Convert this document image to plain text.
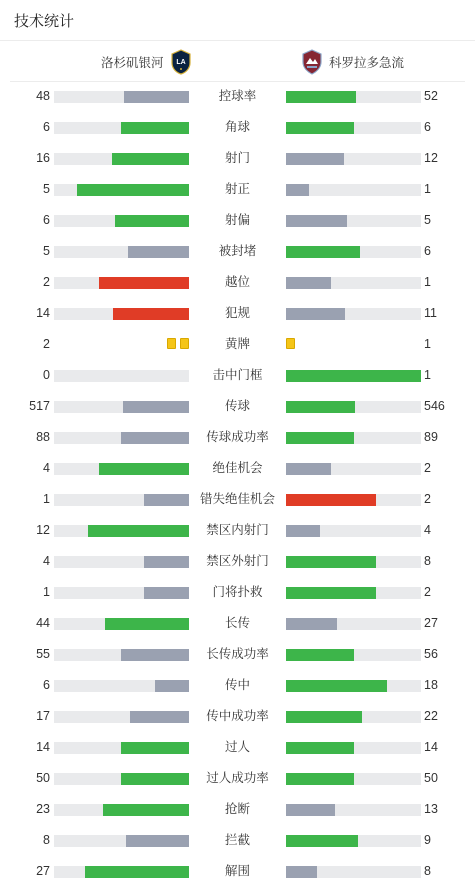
技术统计
洛杉矶银河 LA	科罗拉多急流
48	控球率	52
6	角球	6
16	射门	12
5	射正	1
6	射偏	5
5	被封堵	6
2	越位	1
14	犯规	11
2	黄牌	1
0	击中门框	1
517	传球	546
88	传球成功率	89
4	绝佳机会	2
1	错失绝佳机会	2
12	禁区内射门	4
4	禁区外射门	8
1	门将扑救	2
44	长传	27
55	长传成功率	56
6	传中	18
17	传中成功率	22
14	过人	14
50	过人成功率	50
23	抢断	13
8	拦截	9
27	解围	8
